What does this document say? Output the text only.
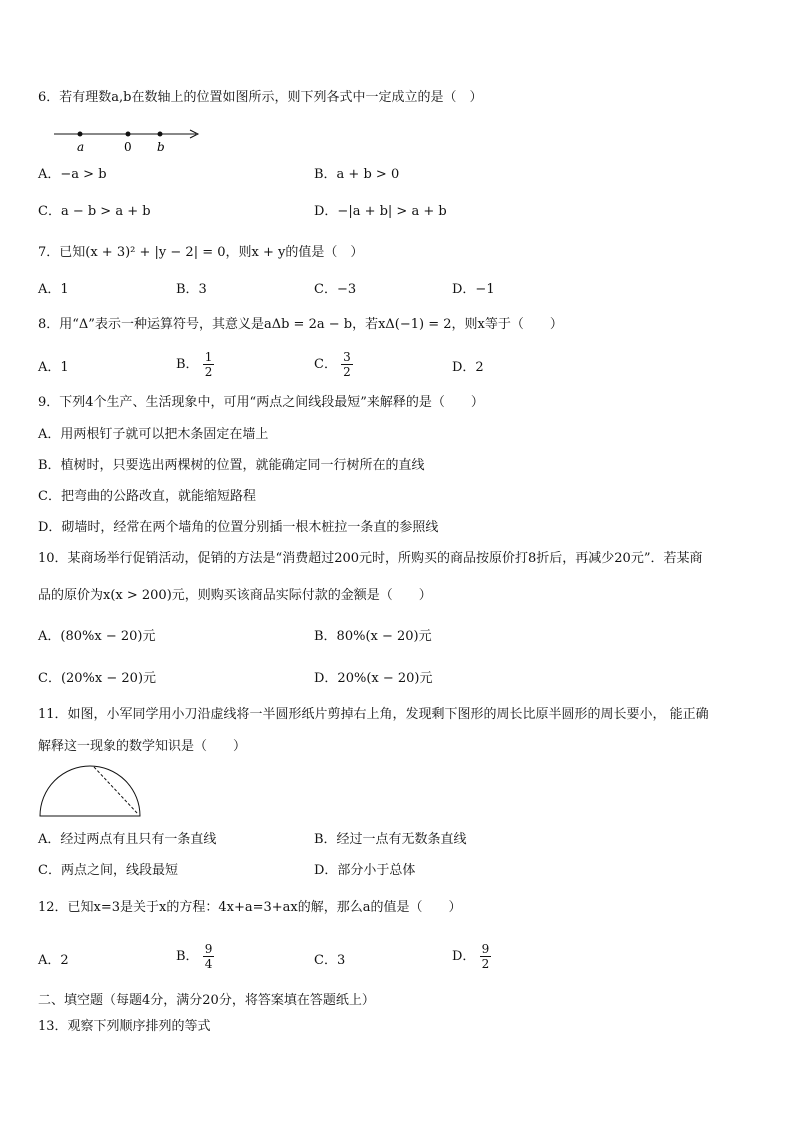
6．若有理数a,b在数轴上的位置如图所示，则下列各式中一定成立的是（　）
a	0 b
A．−a > b	B．a + b > 0
C．a − b > a + b	D．−|a + b| > a + b
7．已知(x + 3)² + |y − 2| = 0，则x + y的值是（　）
A．1	B．3	C．−3	D．−1
8．用“Δ”表示一种运算符号，其意义是aΔb = 2a − b，若xΔ(−1) = 2，则x等于（　　）
A．1	B． $\frac{1}{2}$	C． $\frac{3}{2}$	D．2
9．下列4个生产、生活现象中，可用“两点之间线段最短”来解释的是（　　）
A．用两根钉子就可以把木条固定在墙上
B．植树时，只要选出两棵树的位置，就能确定同一行树所在的直线
C．把弯曲的公路改直，就能缩短路程
D．砌墙时，经常在两个墙角的位置分别插一根木桩拉一条直的参照线
10．某商场举行促销活动，促销的方法是“消费超过200元时，所购买的商品按原价打8折后，再减少20元”．若某商
品的原价为x(x > 200)元，则购买该商品实际付款的金额是（　　）
A．(80%x − 20)元	B．80%(x − 20)元
C．(20%x − 20)元	D．20%(x − 20)元
11．如图，小军同学用小刀沿虚线将一半圆形纸片剪掉右上角，发现剩下图形的周长比原半圆形的周长要小， 能正确
解释这一现象的数学知识是（　　）
A．经过两点有且只有一条直线	B．经过一点有无数条直线
C．两点之间，线段最短	D．部分小于总体
12．已知x=3是关于x的方程：4x+a=3+ax的解，那么a的值是（　　）
A．2	B． $\frac{9}{4}$	C．3	D． $\frac{9}{2}$
二、填空题（每题4分，满分20分，将答案填在答题纸上）
13．观察下列顺序排列的等式
